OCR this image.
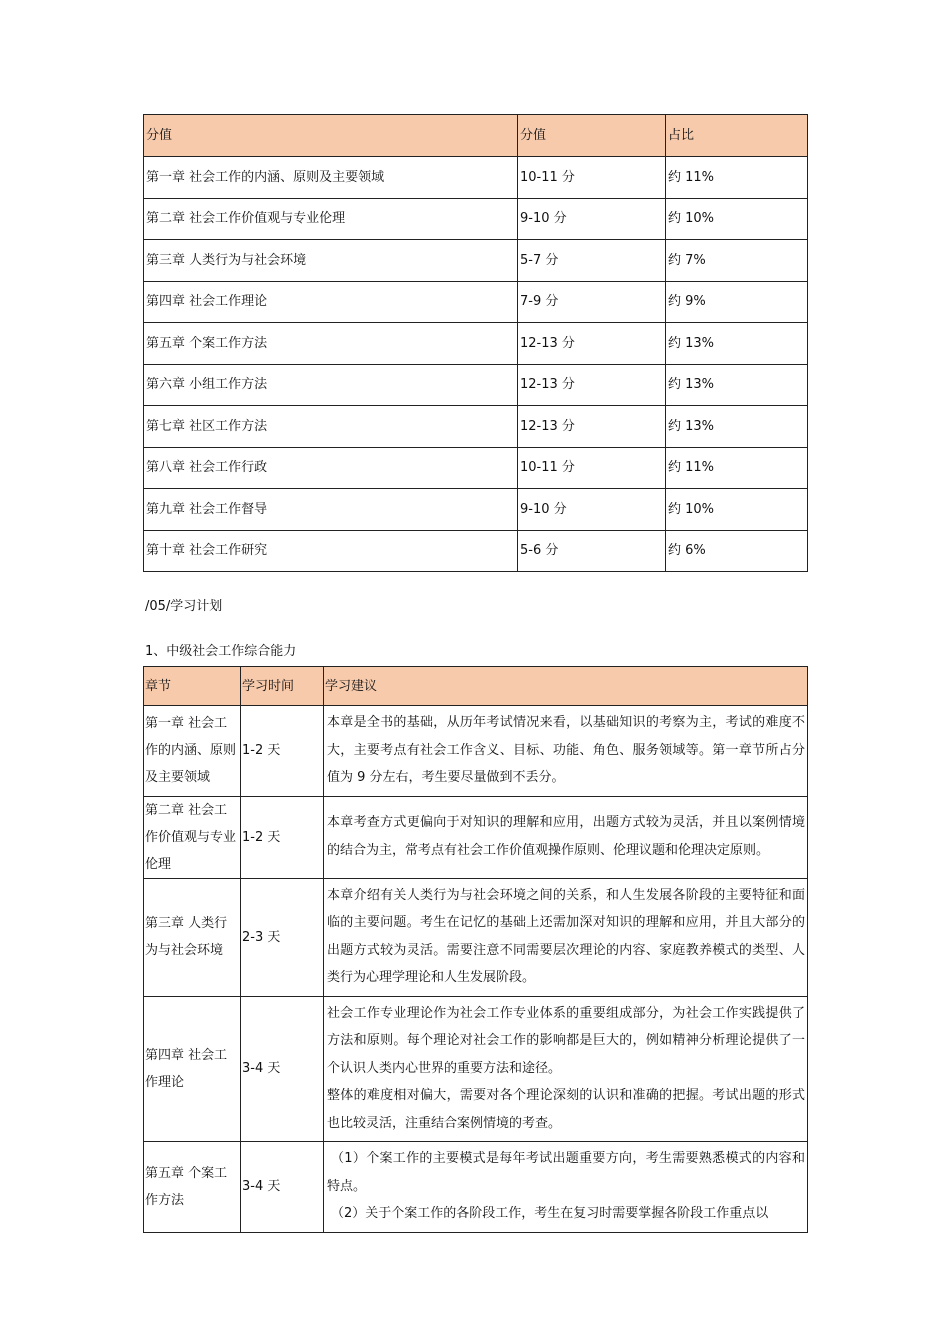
分值	分值	占比
第一章 社会工作的内涵、原则及主要领域	10-11 分	约 11%
第二章 社会工作价值观与专业伦理	9-10 分	约 10%
第三章 人类行为与社会环境	5-7 分	约 7%
第四章 社会工作理论	7-9 分	约 9%
第五章 个案工作方法	12-13 分	约 13%
第六章 小组工作方法	12-13 分	约 13%
第七章 社区工作方法	12-13 分	约 13%
第八章 社会工作行政	10-11 分	约 11%
第九章 社会工作督导	9-10 分	约 10%
第十章 社会工作研究	5-6 分	约 6%
/05/学习计划
1、中级社会工作综合能力
章节	学习时间	学习建议
第一章 社会工作的内涵、原则及主要领域	1-2 天	本章是全书的基础，从历年考试情况来看，以基础知识的考察为主，考试的难度不大，主要考点有社会工作含义、目标、功能、角色、服务领域等。第一章节所占分值为 9 分左右，考生要尽量做到不丢分。

第二章 社会工作价值观与专业伦理	1-2 天	本章考查方式更偏向于对知识的理解和应用，出题方式较为灵活，并且以案例情境的结合为主，常考点有社会工作价值观操作原则、伦理议题和伦理决定原则。

第三章 人类行为与社会环境	2-3 天	本章介绍有关人类行为与社会环境之间的关系，和人生发展各阶段的主要特征和面临的主要问题。考生在记忆的基础上还需加深对知识的理解和应用，并且大部分的出题方式较为灵活。需要注意不同需要层次理论的内容、家庭教养模式的类型、人类行为心理学理论和人生发展阶段。

第四章 社会工作理论	3-4 天	社会工作专业理论作为社会工作专业体系的重要组成部分，为社会工作实践提供了方法和原则。每个理论对社会工作的影响都是巨大的，例如精神分析理论提供了一个认识人类内心世界的重要方法和途径。

整体的难度相对偏大，需要对各个理论深刻的认识和准确的把握。考试出题的形式也比较灵活，注重结合案例情境的考查。

第五章 个案工作方法	3-4 天	（1）个案工作的主要模式是每年考试出题重要方向，考生需要熟悉模式的内容和特点。

（2）关于个案工作的各阶段工作，考生在复习时需要掌握各阶段工作重点以
